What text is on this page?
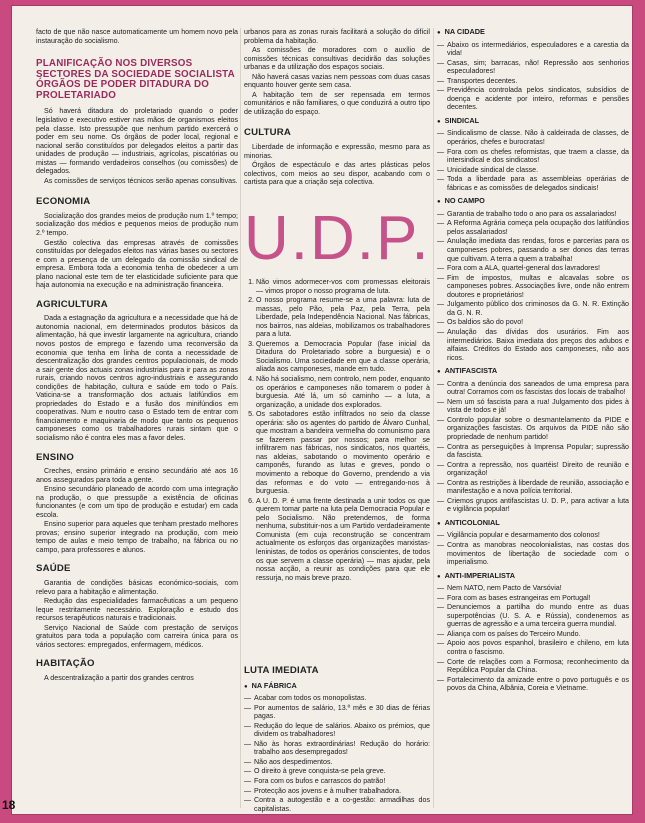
facto de que não nasce automaticamente um homem novo pela instauração do socialismo.

PLANIFICAÇÃO NOS DIVERSOS SECTORES DA SOCIEDADE SOCIALISTA ÓRGÃOS DE PODER DITADURA DO PROLETARIADO

Só haverá ditadura do proletariado quando o poder legislativo e executivo estiver nas mãos de organismos eleitos pela classe. Isto pressupõe que nenhum partido exercerá o poder em seu nome. Os órgãos de poder local, regional e nacional serão constituídos por delegados eleitos a partir das unidades de produção — industriais, agrícolas, piscatórias ou mistas — formando verdadeiros conselhos (ou comissões) de delegados.

As comissões de serviços técnicos serão apenas consultivas.

ECONOMIA

Socialização dos grandes meios de produção num 1.º tempo; socialização dos médios e pequenos meios de produção num 2.º tempo.

Gestão colectiva das empresas através de comissões constituídas por delegados eleitos nas várias bases ou sectores e com a presença de um delegado da comissão sindical de empresa. Embora toda a economia tenha de obedecer a um plano nacional este tem de ter elasticidade suficiente para que haja autonomia na execução e na administração financeira.

AGRICULTURA

Dada a estagnação da agricultura e a necessidade que há de autonomia nacional, em determinados produtos básicos da alimentação, há que investir largamente na agricultura, criando novos postos de emprego e fazendo uma reconversão da economia que tenha em linha de conta a necessidade de descentralização dos grandes centros populacionais, de modo a sair gente dos actuais zonas industriais para ir para as zonas rurais, criando novos centros agro-industriais e assegurando condições de habitação, cultura e saúde em todo o País. Vaticina-se a transformação dos actuais latifúndios em propriedades do Estado e a fusão dos minifúndios em cooperativas. Num e noutro caso o Estado tem de entrar com financiamento e maquinaria de modo que tanto os pequenos camponeses como os trabalhadores rurais sintam que o socialismo não é contra eles mas a favor deles.

ENSINO

Creches, ensino primário e ensino secundário até aos 16 anos assegurados para toda a gente.

Ensino secundário planeado de acordo com uma integração na produção, o que pressupõe a existência de oficinas funcionantes (e com um tipo de produção e estudar) em cada escola.

Ensino superior para aqueles que tenham prestado melhores provas; ensino superior integrado na produção, com meio tempo de aulas e meio tempo de trabalho, na fábrica ou no campo, para professores e alunos.

SAÚDE

Garantia de condições básicas económico-sociais, com relevo para a habitação e alimentação.

Redução das especialidades farmacêuticas a um pequeno leque restritamente necessário. Exploração e estudo dos recursos terapêuticos naturais e tradicionais.

Serviço Nacional de Saúde com prestação de serviços gratuitos para toda a população com carreira única para os vários sectores: empregados, enfermagem, médicos.

HABITAÇÃO

A descentralização a partir dos grandes centros

urbanos para as zonas rurais facilitará a solução do difícil problema da habitação.

As comissões de moradores com o auxílio de comissões técnicas consultivas decidirão das soluções urbanas e da utilização dos espaços sociais.

Não haverá casas vazias nem pessoas com duas casas enquanto houver gente sem casa.

A habitação tem de ser repensada em termos comunitários e não familiares, o que conduzirá a outro tipo de utilização do espaço.

CULTURA

Liberdade de informação e expressão, mesmo para as minorias.

Órgãos de espectáculo e das artes plásticas pelos colectivos, com meios ao seu dispor, acabando com o cartista para que a criação seja colectiva.

U.D.P.
1. Não vimos adormecer-vos com promessas eleitorais — vimos propor o nosso programa de luta.
2. O nosso programa resume-se a uma palavra: luta de massas, pelo Pão, pela Paz, pela Terra, pela Liberdade, pela Independência Nacional. Nas fábricas, nos bairros, nas aldeias, mobilizamos os trabalhadores para a luta.
3. Queremos a Democracia Popular (fase inicial da Ditadura do Proletariado sobre a burguesia) e o Socialismo. Uma sociedade em que a classe operária, aliada aos camponeses, mande em tudo.
4. Não há socialismo, nem controlo, nem poder, enquanto os operários e camponeses não tomarem o poder à burguesia. Até lá, um só caminho — a luta, a organização, a unidade dos explorados.
5. Os sabotadores estão infiltrados no seio da classe operária: são os agentes do partido de Álvaro Cunhal, que mostram a bandeira vermelha do comunismo para se fazerem passar por nossos; para melhor se infiltrarem nas fábricas, nos sindicatos, nos quartéis, nas aldeias, sabotando o movimento operário e camponês, furando as lutas e greves, pondo o movimento a reboque do Governo, prendendo a via das reformas e do voto — entregando-nos à burguesia.
6. A U. D. P. é uma frente destinada a unir todos os que querem tomar parte na luta pela Democracia Popular e pelo Socialismo. Não pretendemos, de forma nenhuma, substituir-nos a um Partido verdadeiramente Comunista (em cuja reconstrução se concentram actualmente os esforços das organizações marxistas-leninistas, de todos os operários conscientes, de todos os que servem a classe operária) — mas ajudar, pela nossa acção, a reunir as condições para que ele ressurja, no mais breve prazo.
LUTA IMEDIATA
● NA FÁBRICA
— Acabar com todos os monopolistas.
— Por aumentos de salário, 13.º mês e 30 dias de férias pagas.
— Redução do leque de salários. Abaixo os prémios, que dividem os trabalhadores!
— Não às horas extraordinárias! Redução do horário: trabalho aos desempregados!
— Não aos despedimentos.
— O direito à greve conquista-se pela greve.
— Fora com os bufos e carrascos do patrão!
— Protecção aos jovens e à mulher trabalhadora.
— Contra a autogestão e a co-gestão: armadilhas dos capitalistas.
● NA CIDADE
— Abaixo os intermediários, especuladores e a carestia da vida!
— Casas, sim; barracas, não! Repressão aos senhorios especuladores!
— Transportes decentes.
— Previdência controlada pelos sindicatos, subsídios de doença e acidente por inteiro, reformas e pensões decentes.
● SINDICAL
— Sindicalismo de classe. Não à caldeirada de classes, de operários, chefes e burocratas!
— Fora com os chefes reformistas, que traem a classe, da intersindical e dos sindicatos!
— Unicidade sindical de classe.
— Toda a liberdade para as assembleias operárias de fábricas e as comissões de delegados sindicais!
● NO CAMPO
— Garantia de trabalho todo o ano para os assalariados!
— A Reforma Agrária começa pela ocupação dos latifúndios pelos assalariados!
— Anulação imediata das rendas, foros e parcerias para os camponeses pobres, passando a ser donos das terras que cultivam. A terra a quem a trabalha!
— Fora com a ALA, quartel-general dos lavradores!
— Fim de impostos, multas e alcavalas sobre os camponeses pobres. Associações livre, onde não entrem doutores e proprietários!
— Julgamento público dos criminosos da G. N. R. Extinção da G. N. R.
— Os baldios são do povo!
— Anulação das dívidas dos usurários. Fim aos intermediários. Baixa imediata dos preços dos adubos e alfaias. Créditos do Estado aos camponeses, não aos ricos.
● ANTIFASCISTA
— Contra a denúncia dos saneados de uma empresa para outra! Corramos com os fascistas dos locais de trabalho!
— Nem um só fascista para a rua! Julgamento dos pides à vista de todos e já!
— Controlo popular sobre o desmantelamento da PIDE e organizações fascistas. Os arquivos da PIDE não são propriedade de nenhum partido!
— Contra as perseguições à Imprensa Popular; supressão da fascista.
— Contra a repressão, nos quartéis! Direito de reunião e organização!
— Contra as restrições à liberdade de reunião, associação e manifestação e a nova polícia territorial.
— Criemos grupos antifascistas U. D. P., para activar a luta e vigilância popular!
● ANTICOLONIAL
— Vigilância popular e desarmamento dos colonos!
— Contra as manobras neocolonialistas, nas costas dos movimentos de libertação de sociedade com o imperialismo.
● ANTI-IMPERIALISTA
— Nem NATO, nem Pacto de Varsóvia!
— Fora com as bases estrangeiras em Portugal!
— Denunciemos a partilha do mundo entre as duas superpotências (U. S. A. e Rússia), condenemos as guerras de agressão e a uma terceira guerra mundial.
— Aliança com os países do Terceiro Mundo.
— Apoio aos povos espanhol, brasileiro e chileno, em luta contra o fascismo.
— Corte de relações com a Formosa; reconhecimento da República Popular da China.
— Fortalecimento da amizade entre o povo português e os povos da China, Albânia, Coreia e Vietname.
18
